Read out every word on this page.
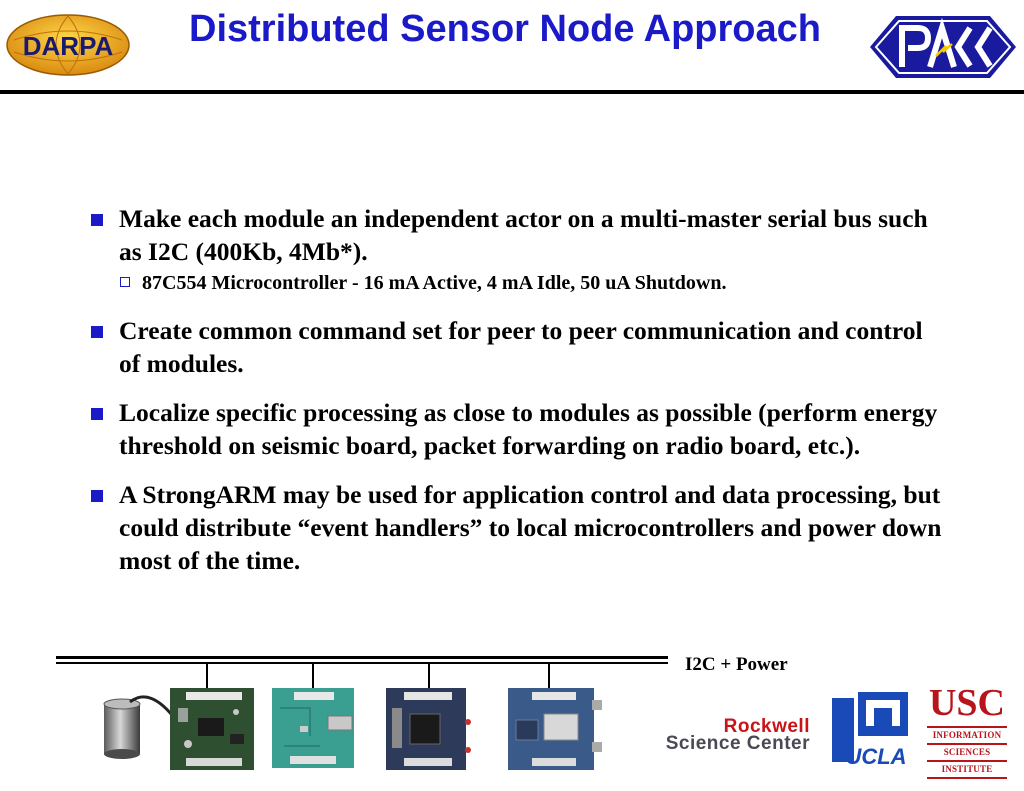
DARPA	Distributed Sensor Node Approach
Make each module an independent actor on a multi-master serial bus such as I2C (400Kb, 4Mb*).
87C554 Microcontroller - 16 mA Active, 4 mA Idle, 50 uA Shutdown.
Create common command set for peer to peer communication and control of modules.
Localize specific processing as close to modules as possible (perform energy threshold on seismic board, packet forwarding on radio board, etc.).
A StrongARM may be used for application control and data processing, but could distribute “event handlers” to local microcontrollers and power down most of the time.
I2C + Power
Rockwell
Science Center
UCLA
USC
INFORMATION
SCIENCES
INSTITUTE
